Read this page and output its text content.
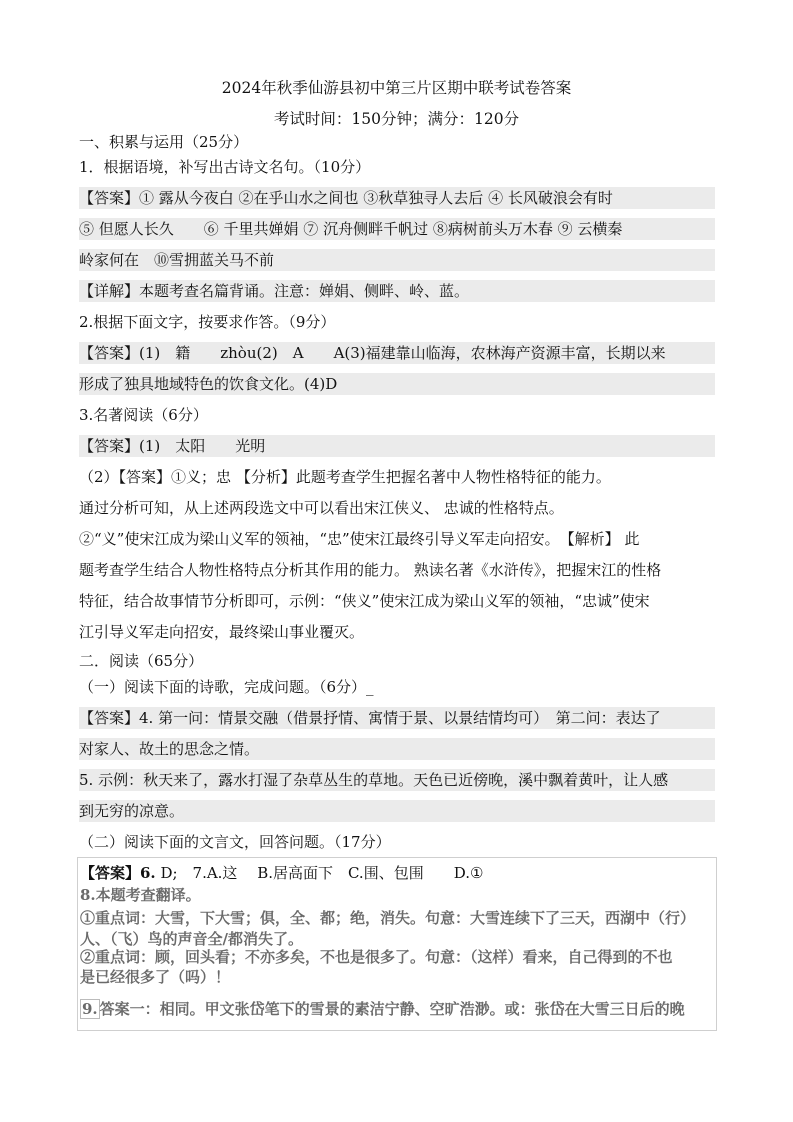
2024年秋季仙游县初中第三片区期中联考试卷答案
考试时间：150分钟；满分：120分
一、积累与运用（25分）
1．根据语境，补写出古诗文名句。（10分）
【答案】① 露从今夜白 ②在乎山水之间也 ③秋草独寻人去后 ④ 长风破浪会有时
⑤ 但愿人长久　　⑥ 千里共婵娟 ⑦ 沉舟侧畔千帆过 ⑧病树前头万木春 ⑨ 云横秦
岭家何在　⑩雪拥蓝关马不前
【详解】本题考查名篇背诵。注意：婵娟、侧畔、岭、蓝。
2.根据下面文字，按要求作答。（9分）
【答案】(1)　籍　　zhòu(2)　A　　A(3)福建靠山临海，农林海产资源丰富，长期以来
形成了独具地域特色的饮食文化。(4)D
3.名著阅读（6分）
【答案】(1)　太阳　　光明
（2）【答案】①义；忠 【分析】此题考查学生把握名著中人物性格特征的能力。
通过分析可知，从上述两段选文中可以看出宋江侠义、 忠诚的性格特点。
②“义”使宋江成为梁山义军的领袖，“忠”使宋江最终引导义军走向招安。　【解析】 此
题考查学生结合人物性格特点分析其作用的能力。 熟读名著《水浒传》，把握宋江的性格
特征，结合故事情节分析即可，示例：“侠义”使宋江成为梁山义军的领袖，“忠诚”使宋
江引导义军走向招安，最终梁山事业覆灭。
二．阅读（65分）
（一）阅读下面的诗歌，完成问题。（6分）_
【答案】4. 第一问：情景交融（借景抒情、寓情于景、以景结情均可）　第二问：表达了
对家人、故土的思念之情。
5. 示例：秋天来了，露水打湿了杂草丛生的草地。天色已近傍晚，溪中飘着黄叶，让人感
到无穷的凉意。
（二）阅读下面的文言文，回答问题。（17分）
【答案】6. D;　7.A.这　 B.居高面下　C.围、包围　　D.①
8.本题考查翻译。
①重点词：大雪，下大雪；俱，全、都；绝，消失。句意：大雪连续下了三天，西湖中（行）
人、（飞）鸟的声音全/都消失了。
②重点词：顾，回头看；不亦多矣，不也是很多了。句意：（这样）看来，自己得到的不也
是已经很多了（吗）！
9. 答案一：相同。甲文张岱笔下的雪景的素洁宁静、空旷浩渺。或：张岱在大雪三日后的晚
